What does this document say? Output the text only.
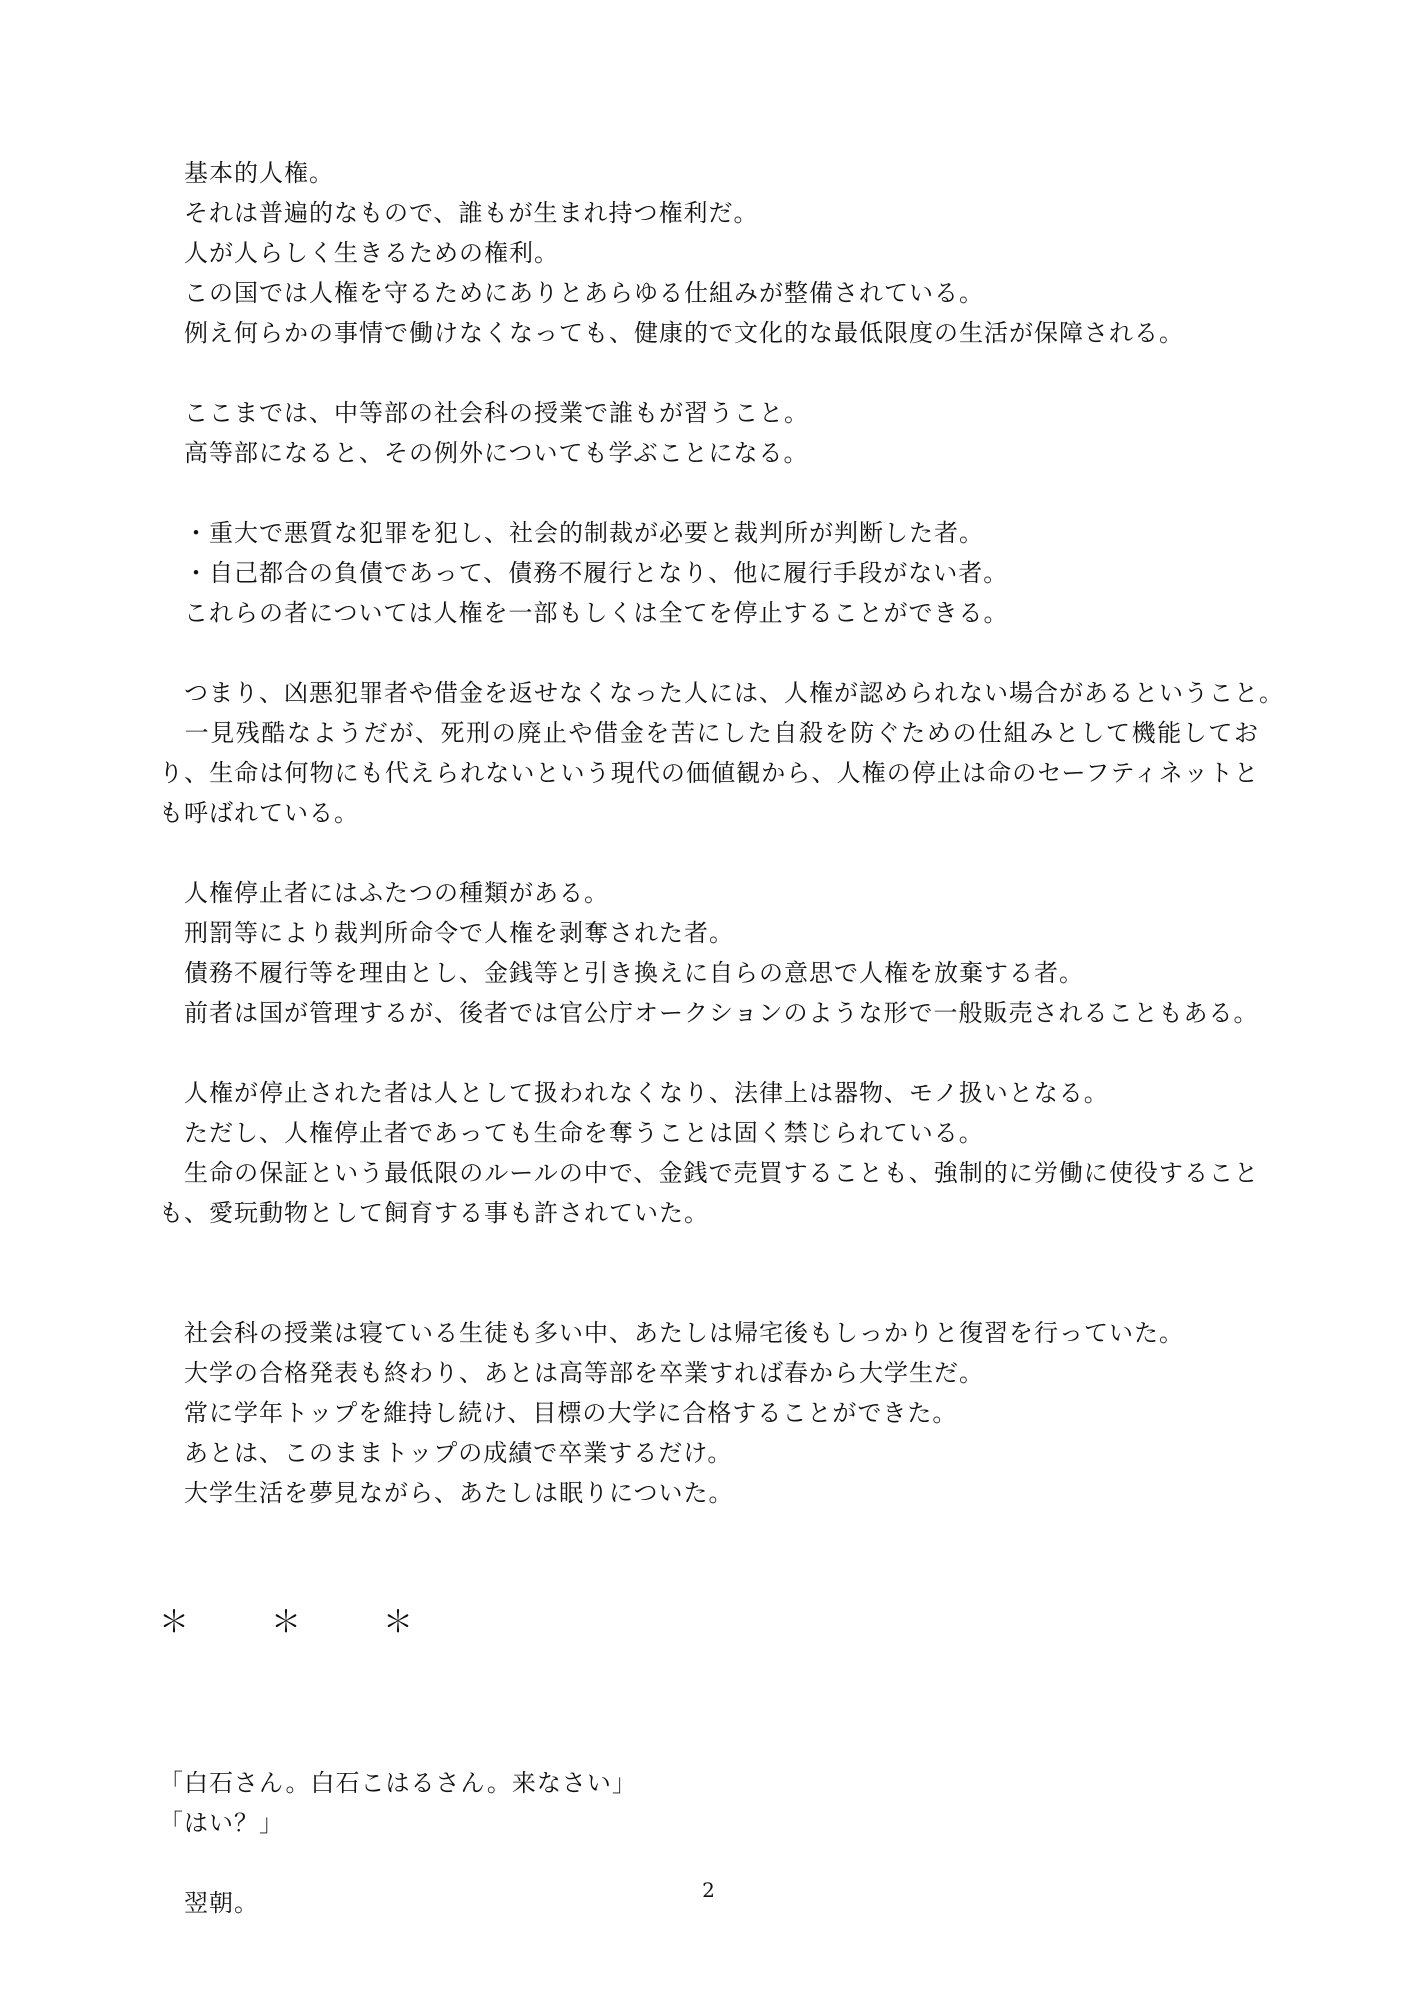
　基本的人権。
　それは普遍的なもので、誰もが生まれ持つ権利だ。
　人が人らしく生きるための権利。
　この国では人権を守るためにありとあらゆる仕組みが整備されている。
　例え何らかの事情で働けなくなっても、健康的で文化的な最低限度の生活が保障される。
　ここまでは、中等部の社会科の授業で誰もが習うこと。
　高等部になると、その例外についても学ぶことになる。
　・重大で悪質な犯罪を犯し、社会的制裁が必要と裁判所が判断した者。
　・自己都合の負債であって、債務不履行となり、他に履行手段がない者。
　これらの者については人権を一部もしくは全てを停止することができる。
　つまり、凶悪犯罪者や借金を返せなくなった人には、人権が認められない場合があるということ。
　一見残酷なようだが、死刑の廃止や借金を苦にした自殺を防ぐための仕組みとして機能しており、生命は何物にも代えられないという現代の価値観から、人権の停止は命のセーフティネットとも呼ばれている。
　人権停止者にはふたつの種類がある。
　刑罰等により裁判所命令で人権を剥奪された者。
　債務不履行等を理由とし、金銭等と引き換えに自らの意思で人権を放棄する者。
　前者は国が管理するが、後者では官公庁オークションのような形で一般販売されることもある。
　人権が停止された者は人として扱われなくなり、法律上は器物、モノ扱いとなる。
　ただし、人権停止者であっても生命を奪うことは固く禁じられている。
　生命の保証という最低限のルールの中で、金銭で売買することも、強制的に労働に使役することも、愛玩動物として飼育する事も許されていた。
　社会科の授業は寝ている生徒も多い中、あたしは帰宅後もしっかりと復習を行っていた。
　大学の合格発表も終わり、あとは高等部を卒業すれば春から大学生だ。
　常に学年トップを維持し続け、目標の大学に合格することができた。
　あとは、このままトップの成績で卒業するだけ。
　大学生活を夢見ながら、あたしは眠りについた。
＊　＊　＊
「白石さん。白石こはるさん。来なさい」
「はい？」
　翌朝。	2
